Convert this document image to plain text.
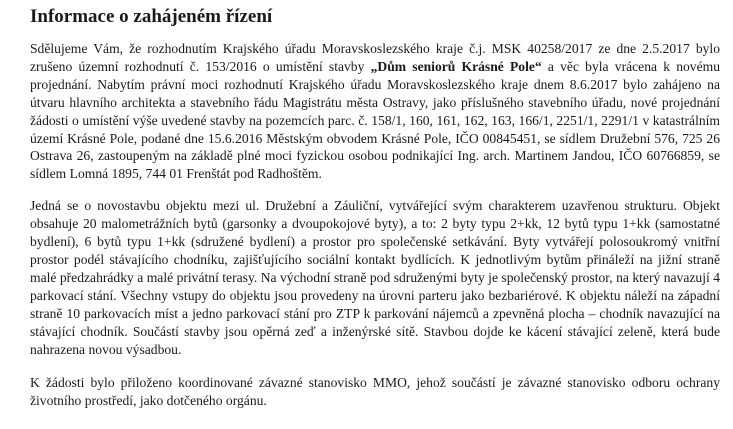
Informace o zahájeném řízení

Sdělujeme Vám, že rozhodnutím Krajského úřadu Moravskoslezského kraje č.j. MSK 40258/2017 ze dne 2.5.2017 bylo zrušeno územní rozhodnutí č. 153/2016 o umístění stavby „Dům seniorů Krásné Pole“ a věc byla vrácena k novému projednání. Nabytím právní moci rozhodnutí Krajského úřadu Moravskoslezského kraje dnem 8.6.2017 bylo zahájeno na útvaru hlavního architekta a stavebního řádu Magistrátu města Ostravy, jako příslušného stavebního úřadu, nové projednání žádosti o umístění výše uvedené stavby na pozemcích parc. č. 158/1, 160, 161, 162, 163, 166/1, 2251/1, 2291/1 v katastrálním území Krásné Pole, podané dne 15.6.2016 Městským obvodem Krásné Pole, IČO 00845451, se sídlem Družební 576, 725 26 Ostrava 26, zastoupeným na základě plné moci fyzickou osobou podnikající Ing. arch. Martinem Jandou, IČO 60766859, se sídlem Lomná 1895, 744 01 Frenštát pod Radhoštěm.

Jedná se o novostavbu objektu mezi ul. Družební a Záuliční, vytvářející svým charakterem uzavřenou strukturu. Objekt obsahuje 20 malometrážních bytů (garsonky a dvoupokojové byty), a to: 2 byty typu 2+kk, 12 bytů typu 1+kk (samostatné bydlení), 6 bytů typu 1+kk (sdružené bydlení) a prostor pro společenské setkávání. Byty vytvářejí polosoukromý vnitřní prostor podél stávajícího chodníku, zajišťujícího sociální kontakt bydlících. K jednotlivým bytům přináleží na jižní straně malé předzahrádky a malé privátní terasy. Na východní straně pod sdruženými byty je společenský prostor, na který navazují 4 parkovací stání. Všechny vstupy do objektu jsou provedeny na úrovni parteru jako bezbariérové. K objektu náleží na západní straně 10 parkovacích míst a jedno parkovací stání pro ZTP k parkování nájemců a zpevněná plocha – chodník navazující na stávající chodník. Součástí stavby jsou opěrná zeď a inženýrské sítě. Stavbou dojde ke kácení stávající zeleně, která bude nahrazena novou výsadbou.

K žádosti bylo přiloženo koordinované závazné stanovisko MMO, jehož součástí je závazné stanovisko odboru ochrany životního prostředí, jako dotčeného orgánu.
